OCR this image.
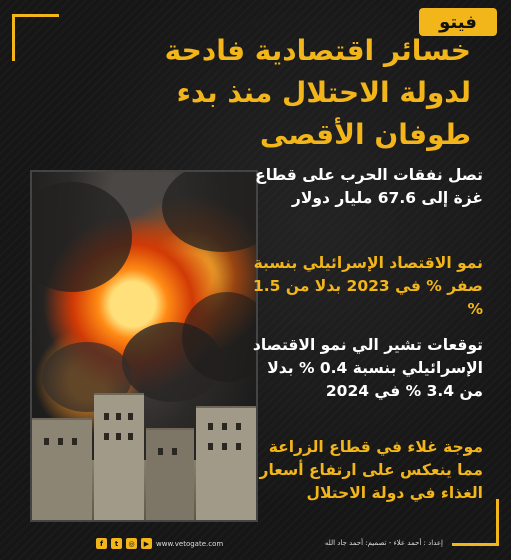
فيتو
خسائر اقتصادية فادحة
لدولة الاحتلال منذ بدء
طوفان الأقصى

تصل نفقات الحرب على قطاع غزة إلى 67.6 مليار دولار

نمو الاقتصاد الإسرائيلي بنسبة صفر % في 2023 بدلا من 1.5 %

توقعات تشير الي نمو الاقتصاد الإسرائيلي بنسبة 0.4 % بدلا من 3.4 % في 2024

موجة غلاء في قطاع الزراعة مما ينعكس على ارتفاع أسعار الغذاء في دولة الاحتلال

f	t	◎	▶ www.vetogate.com	إعداد : أحمد علاء - تصميم: أحمد جاد الله
